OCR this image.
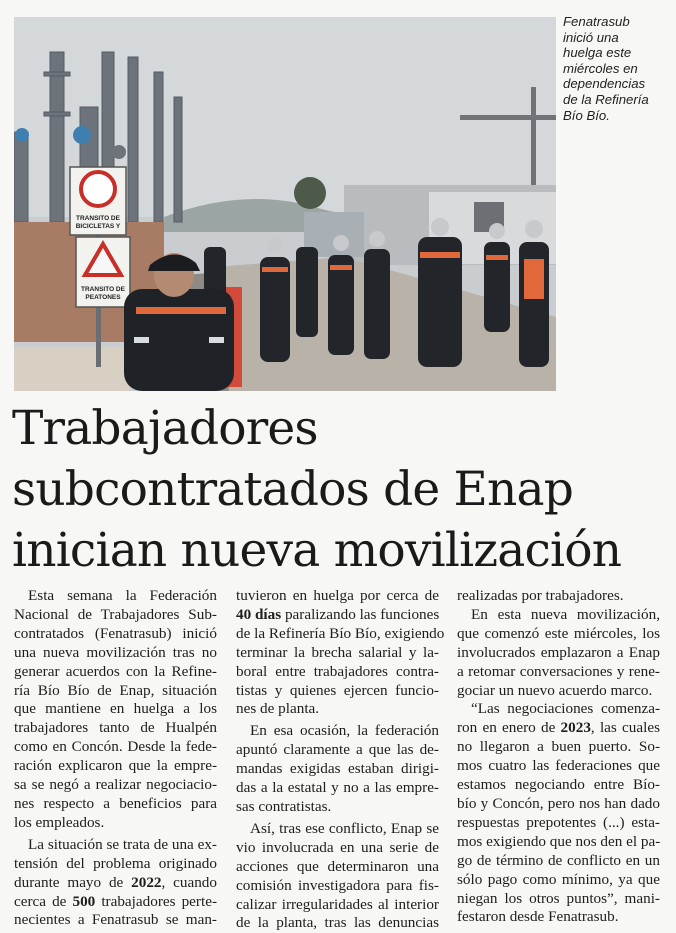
TRANSITO DE
BICICLETAS Y
TRANSITO DE
PEATONES
Fenatrasub
inició una
huelga este
miércoles en
dependencias
de la Refinería
Bío Bío.
Trabajadores
subcontratados de Enap
inician nueva movilización
Esta semana la Federación
Nacional de Trabajadores Sub-
contratados (Fenatrasub) inició
una nueva movilización tras no
generar acuerdos con la Refine-
ría Bío Bío de Enap, situación
que mantiene en huelga a los
trabajadores tanto de Hualpén
como en Concón. Desde la fede-
ración explicaron que la empre-
sa se negó a realizar negociacio-
nes respecto a beneficios para
los empleados.
La situación se trata de una ex-
tensión del problema originado
durante mayo de 2022, cuando
cerca de 500 trabajadores perte-
necientes a Fenatrasub se man-
tuvieron en huelga por cerca de
40 días paralizando las funciones
de la Refinería Bío Bío, exigiendo
terminar la brecha salarial y la-
boral entre trabajadores contra-
tistas y quienes ejercen funcio-
nes de planta.
En esa ocasión, la federación
apuntó claramente a que las de-
mandas exigidas estaban dirigi-
das a la estatal y no a las empre-
sas contratistas.
Así, tras ese conflicto, Enap se
vio involucrada en una serie de
acciones que determinaron una
comisión investigadora para fis-
calizar irregularidades al interior
de la planta, tras las denuncias
realizadas por trabajadores.
En esta nueva movilización,
que comenzó este miércoles, los
involucrados emplazaron a Enap
a retomar conversaciones y rene-
gociar un nuevo acuerdo marco.
“Las negociaciones comenza-
ron en enero de 2023, las cuales
no llegaron a buen puerto. So-
mos cuatro las federaciones que
estamos negociando entre Bío-
bío y Concón, pero nos han dado
respuestas prepotentes (...) esta-
mos exigiendo que nos den el pa-
go de término de conflicto en un
sólo pago como mínimo, ya que
niegan los otros puntos”, mani-
festaron desde Fenatrasub.
